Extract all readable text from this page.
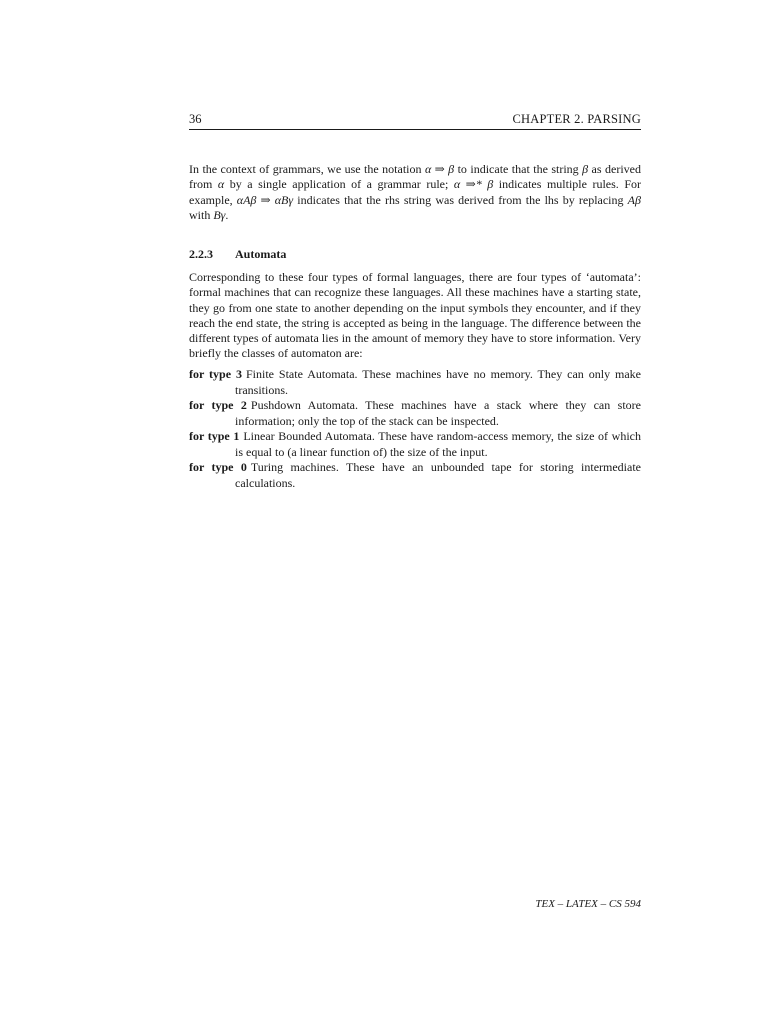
36	CHAPTER 2. PARSING
In the context of grammars, we use the notation α ⇒ β to indicate that the string β as derived from α by a single application of a grammar rule; α ⇒* β indicates multiple rules. For example, αAβ ⇒ αBγ indicates that the rhs string was derived from the lhs by replacing Aβ with Bγ.
2.2.3 Automata
Corresponding to these four types of formal languages, there are four types of ‘automata’: formal machines that can recognize these languages. All these machines have a starting state, they go from one state to another depending on the input symbols they encounter, and if they reach the end state, the string is accepted as being in the language. The difference between the different types of automata lies in the amount of memory they have to store information. Very briefly the classes of automaton are:
for type 3 Finite State Automata. These machines have no memory. They can only make transitions.
for type 2 Pushdown Automata. These machines have a stack where they can store information; only the top of the stack can be inspected.
for type 1 Linear Bounded Automata. These have random-access memory, the size of which is equal to (a linear function of) the size of the input.
for type 0 Turing machines. These have an unbounded tape for storing intermediate calculations.
TEX – LATEX – CS 594
